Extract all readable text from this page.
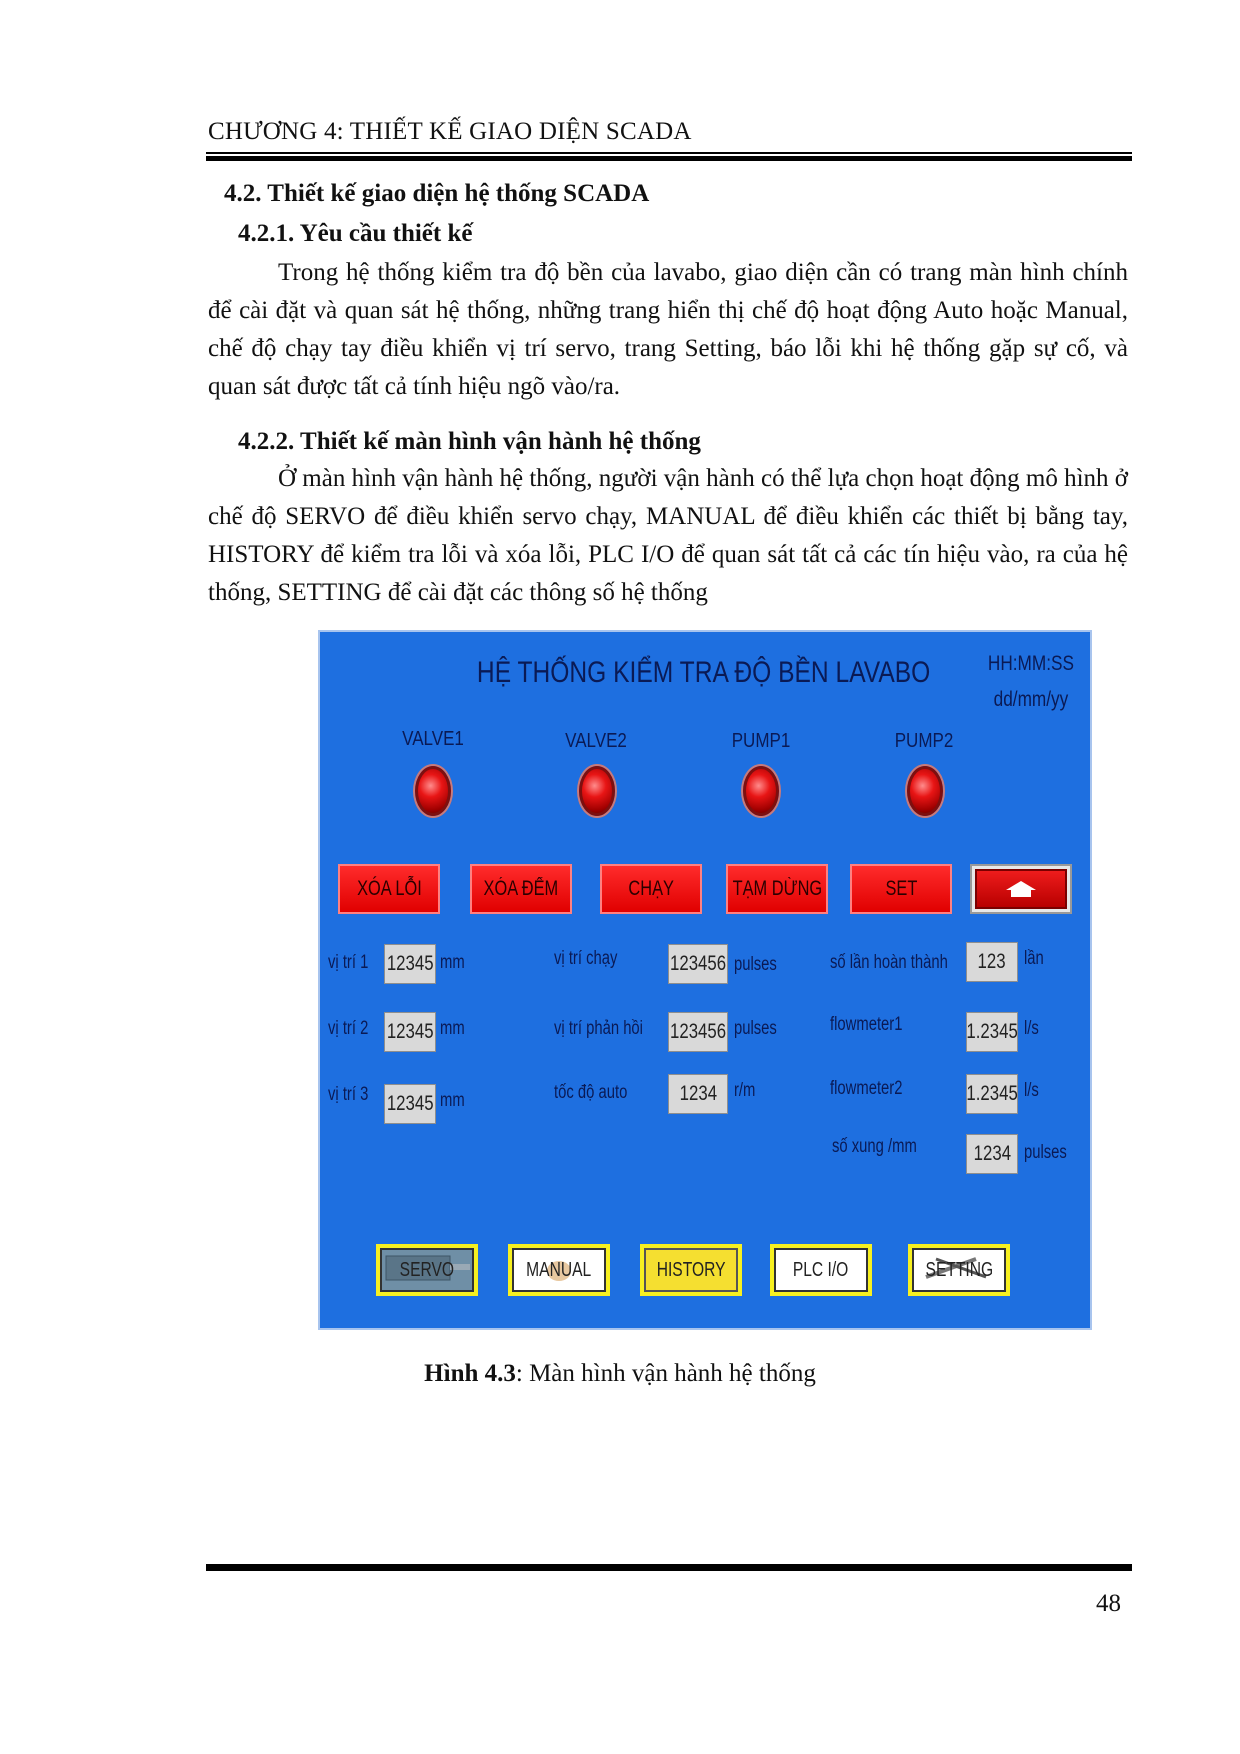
CHƯƠNG 4: THIẾT KẾ GIAO DIỆN SCADA
4.2. Thiết kế giao diện hệ thống SCADA
4.2.1. Yêu cầu thiết kế

Trong hệ thống kiểm tra độ bền của lavabo, giao diện cần có trang màn hình chính để cài đặt và quan sát hệ thống, những trang hiển thị chế độ hoạt động Auto hoặc Manual, chế độ chạy tay điều khiển vị trí servo, trang Setting, báo lỗi khi hệ thống gặp sự cố, và quan sát được tất cả tính hiệu ngõ vào/ra.

4.2.2. Thiết kế màn hình vận hành hệ thống

Ở màn hình vận hành hệ thống, người vận hành có thể lựa chọn hoạt động mô hình ở chế độ SERVO để điều khiển servo chạy, MANUAL để điều khiển các thiết bị bằng tay, HISTORY để kiểm tra lỗi và xóa lỗi, PLC I/O để quan sát tất cả các tín hiệu vào, ra của hệ thống, SETTING để cài đặt các thông số hệ thống

HỆ THỐNG KIỂM TRA ĐỘ BỀN LAVABO	HH:MM:SS
dd/mm/yy
VALVE1	VALVE2	PUMP1	PUMP2
XÓA LỖI	XÓA ĐẾM	CHẠY	TẠM DỪNG	SET
vị trí 1 12345 mm
vị trí 2 12345 mm
vị trí 3 12345 mm
vị trí chạy	123456 pulses
vị trí phản hồi 123456 pulses
tốc độ auto 1234 r/m
số lần hoàn thành 123 lần
flowmeter1	1.2345 l/s
flowmeter2	1.2345 l/s
số xung /mm	1234 pulses
SERVO	MANUAL	HISTORY	PLC I/O	SETTING
Hình 4.3: Màn hình vận hành hệ thống
48
